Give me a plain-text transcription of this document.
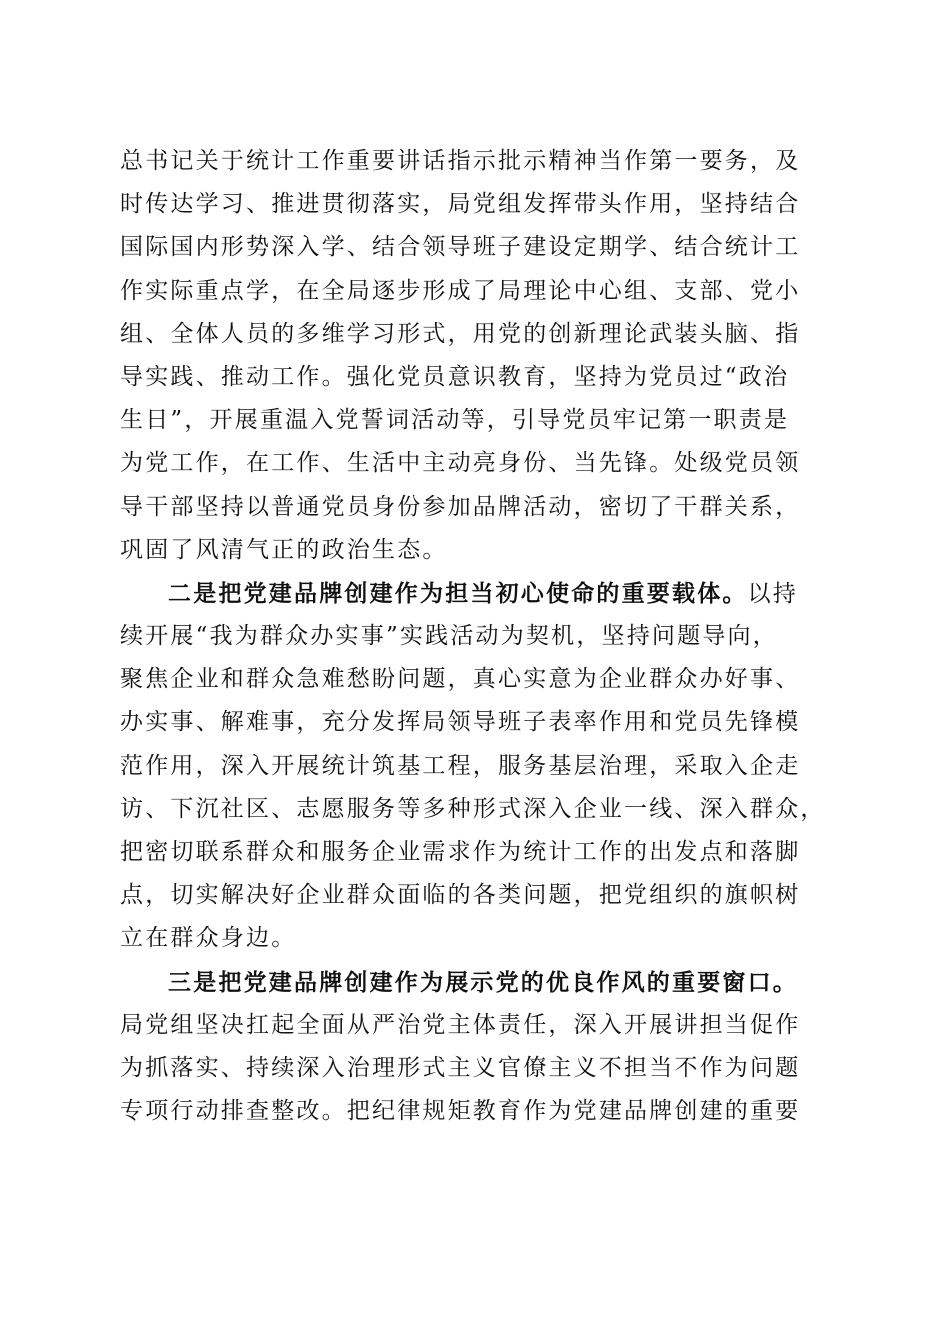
总书记关于统计工作重要讲话指示批示精神当作第一要务，及
时传达学习、推进贯彻落实，局党组发挥带头作用，坚持结合
国际国内形势深入学、结合领导班子建设定期学、结合统计工
作实际重点学，在全局逐步形成了局理论中心组、支部、党小
组、全体人员的多维学习形式，用党的创新理论武装头脑、指
导实践、推动工作。强化党员意识教育，坚持为党员过“政治
生日”，开展重温入党誓词活动等，引导党员牢记第一职责是
为党工作，在工作、生活中主动亮身份、当先锋。处级党员领
导干部坚持以普通党员身份参加品牌活动，密切了干群关系，
巩固了风清气正的政治生态。
二是把党建品牌创建作为担当初心使命的重要载体。以持
续开展“我为群众办实事”实践活动为契机，坚持问题导向，
聚焦企业和群众急难愁盼问题，真心实意为企业群众办好事、
办实事、解难事，充分发挥局领导班子表率作用和党员先锋模
范作用，深入开展统计筑基工程，服务基层治理，采取入企走
访、下沉社区、志愿服务等多种形式深入企业一线、深入群众，
把密切联系群众和服务企业需求作为统计工作的出发点和落脚
点，切实解决好企业群众面临的各类问题，把党组织的旗帜树
立在群众身边。
三是把党建品牌创建作为展示党的优良作风的重要窗口。
局党组坚决扛起全面从严治党主体责任，深入开展讲担当促作
为抓落实、持续深入治理形式主义官僚主义不担当不作为问题
专项行动排查整改。把纪律规矩教育作为党建品牌创建的重要
